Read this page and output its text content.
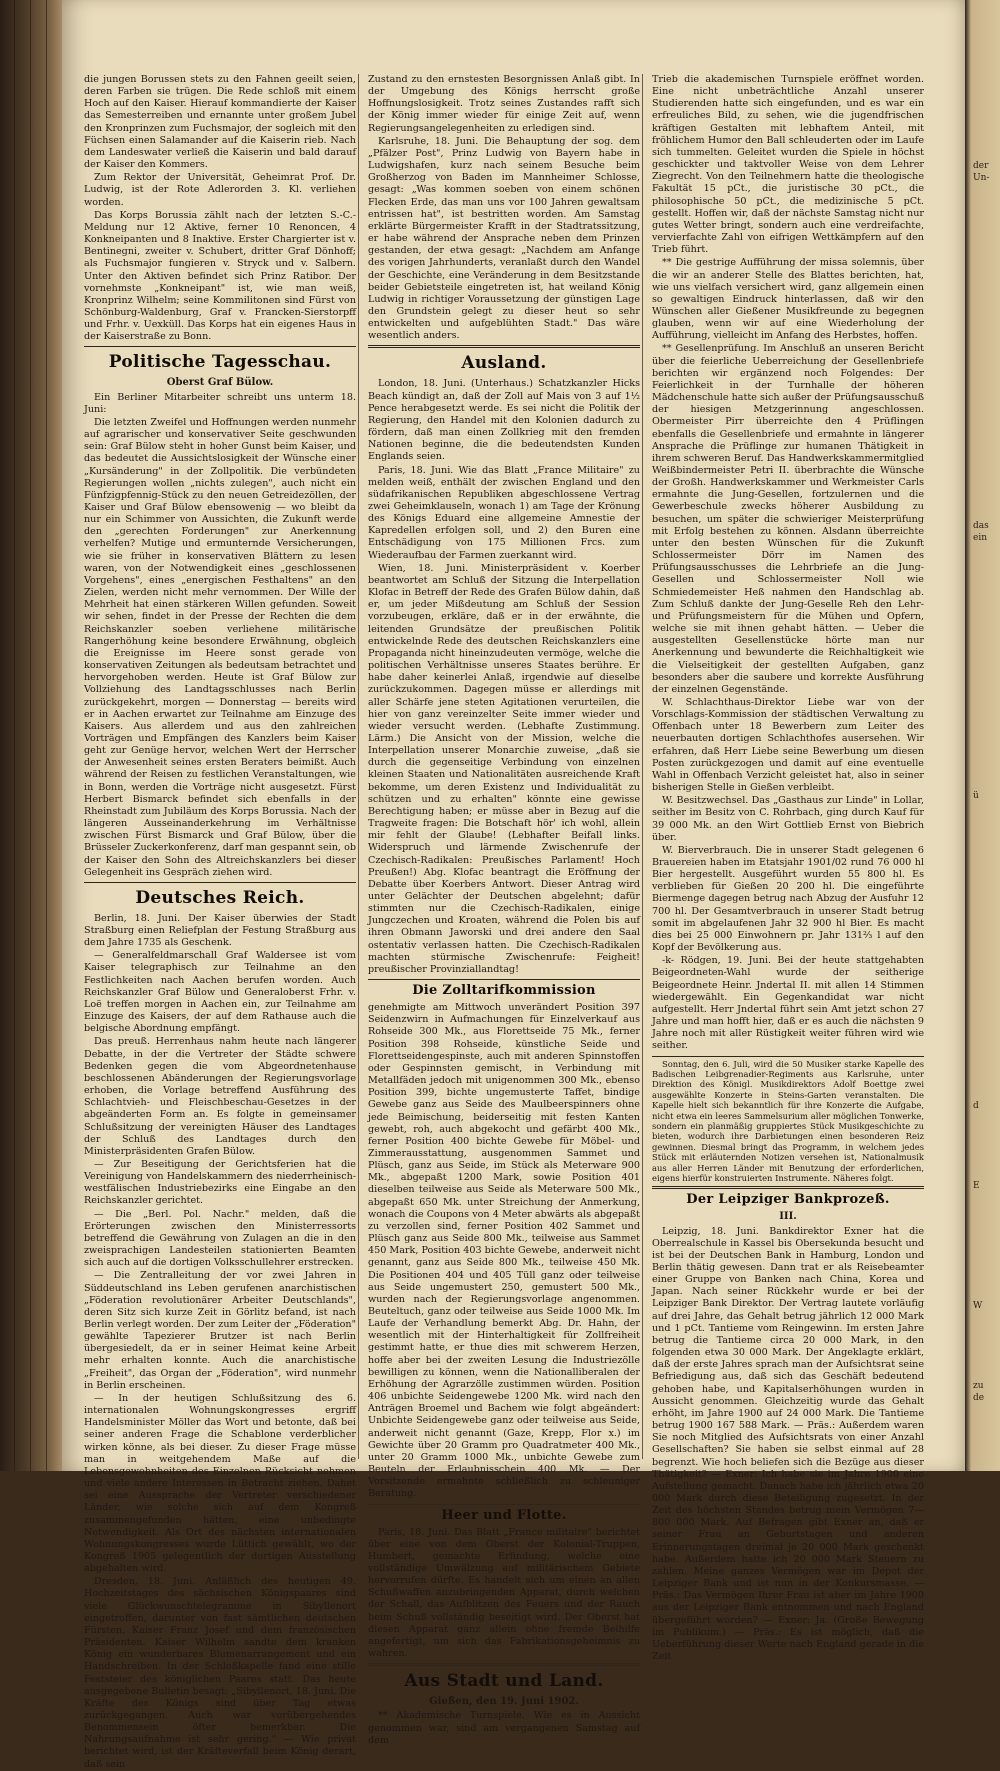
die jungen Borussen stets zu den Fahnen geeilt seien, deren Farben sie trügen. Die Rede schloß mit einem Hoch auf den Kaiser. Hierauf kommandierte der Kaiser das Semesterreiben und ernannte unter großem Jubel den Kronprinzen zum Fuchsmajor, der sogleich mit den Füchsen einen Salamander auf die Kaiserin rieb. Nach dem Landeswater verließ die Kaiserin und bald darauf der Kaiser den Kommers.

Zum Rektor der Universität, Geheimrat Prof. Dr. Ludwig, ist der Rote Adlerorden 3. Kl. verliehen worden.

Das Korps Borussia zählt nach der letzten S.-C.-Meldung nur 12 Aktive, ferner 10 Renoncen, 4 Konkneipanten und 8 Inaktive. Erster Chargierter ist v. Bentinegni, zweiter v. Schubert, dritter Graf Dönhoff; als Fuchsmajor fungieren v. Stryck und v. Salbern. Unter den Aktiven befindet sich Prinz Ratibor. Der vornehmste „Konkneipant" ist, wie man weiß, Kronprinz Wilhelm; seine Kommilitonen sind Fürst von Schönburg-Waldenburg, Graf v. Francken-Sierstorpff und Frhr. v. Uexküll. Das Korps hat ein eigenes Haus in der Kaiserstraße zu Bonn.

Politische Tagesschau.
Oberst Graf Bülow.

Ein Berliner Mitarbeiter schreibt uns unterm 18. Juni:

Die letzten Zweifel und Hoffnungen werden nunmehr auf agrarischer und konservativer Seite geschwunden sein: Graf Bülow steht in hoher Gunst beim Kaiser, und das bedeutet die Aussichtslosigkeit der Wünsche einer „Kursänderung" in der Zollpolitik. Die verbündeten Regierungen wollen „nichts zulegen", auch nicht ein Fünfzigpfennig-Stück zu den neuen Getreidezöllen, der Kaiser und Graf Bülow ebensowenig — wo bleibt da nur ein Schimmer von Aussichten, die Zukunft werde den „gerechten Forderungen" zur Anerkennung verhelfen? Mutige und ermunternde Versicherungen, wie sie früher in konservativen Blättern zu lesen waren, von der Notwendigkeit eines „geschlossenen Vorgehens", eines „energischen Festhaltens" an den Zielen, werden nicht mehr vernommen. Der Wille der Mehrheit hat einen stärkeren Willen gefunden. Soweit wir sehen, findet in der Presse der Rechten die dem Reichskanzler soeben verliehene militärische Rangerhöhung keine besondere Erwähnung, obgleich die Ereignisse im Heere sonst gerade von konservativen Zeitungen als bedeutsam betrachtet und hervorgehoben werden. Heute ist Graf Bülow zur Vollziehung des Landtagsschlusses nach Berlin zurückgekehrt, morgen — Donnerstag — bereits wird er in Aachen erwartet zur Teilnahme am Einzuge des Kaisers. Aus allerdem und aus den zahlreichen Vorträgen und Empfängen des Kanzlers beim Kaiser geht zur Genüge hervor, welchen Wert der Herrscher der Anwesenheit seines ersten Beraters beimißt. Auch während der Reisen zu festlichen Veranstaltungen, wie in Bonn, werden die Vorträge nicht ausgesetzt. Fürst Herbert Bismarck befindet sich ebenfalls in der Rheinstadt zum Jubiläum des Korps Borussia. Nach der längeren Ausseinanderkehrung im Verhältnisse zwischen Fürst Bismarck und Graf Bülow, über die Brüsseler Zuckerkonferenz, darf man gespannt sein, ob der Kaiser den Sohn des Altreichskanzlers bei dieser Gelegenheit ins Gespräch ziehen wird.

Deutsches Reich.

Berlin, 18. Juni. Der Kaiser überwies der Stadt Straßburg einen Reliefplan der Festung Straßburg aus dem Jahre 1735 als Geschenk.

— Generalfeldmarschall Graf Waldersee ist vom Kaiser telegraphisch zur Teilnahme an den Festlichkeiten nach Aachen berufen worden. Auch Reichskanzler Graf Bülow und Generaloberst Frhr. v. Loë treffen morgen in Aachen ein, zur Teilnahme am Einzuge des Kaisers, der auf dem Rathause auch die belgische Abordnung empfängt.

Das preuß. Herrenhaus nahm heute nach längerer Debatte, in der die Vertreter der Städte schwere Bedenken gegen die vom Abgeordnetenhause beschlossenen Abänderungen der Regierungsvorlage erhoben, die Vorlage betreffend Ausführung des Schlachtvieh- und Fleischbeschau-Gesetzes in der abgeänderten Form an. Es folgte in gemeinsamer Schlußsitzung der vereinigten Häuser des Landtages der Schluß des Landtages durch den Ministerpräsidenten Grafen Bülow.

— Zur Beseitigung der Gerichtsferien hat die Vereinigung von Handelskammern des niederrheinisch-westfälischen Industriebezirks eine Eingabe an den Reichskanzler gerichtet.

— Die „Berl. Pol. Nachr." melden, daß die Erörterungen zwischen den Ministerressorts betreffend die Gewährung von Zulagen an die in den zweisprachigen Landesteilen stationierten Beamten sich auch auf die dortigen Volksschullehrer erstrecken.

— Die Zentralleitung der vor zwei Jahren in Süddeutschland ins Leben gerufenen anarchistischen „Föderation revolutionärer Arbeiter Deutschlands", deren Sitz sich kurze Zeit in Görlitz befand, ist nach Berlin verlegt worden. Der zum Leiter der „Föderation" gewählte Tapezierer Brutzer ist nach Berlin übergesiedelt, da er in seiner Heimat keine Arbeit mehr erhalten konnte. Auch die anarchistische „Freiheit", das Organ der „Föderation", wird nunmehr in Berlin erscheinen.

— In der heutigen Schlußsitzung des 6. internationalen Wohnungskongresses ergriff Handelsminister Möller das Wort und betonte, daß bei seiner anderen Frage die Schablone verderblicher wirken könne, als bei dieser. Zu dieser Frage müsse man in weitgehendem Maße auf die Lebensgewohnheiten des Einzelnen Rücksicht nehmen und viele andere Interessen in Betracht ziehen. Dahet sei eine Aussprache der Vertreter verschiedener Länder, wie solche sich auf dem Kongreß zusammengefunden hätten, eine unbedingte Notwendigkeit. Als Ort des nächsten internationalen Wohnungskongresses wurde Lüttich gewählt, wo der Kongreß 1905 gelegentlich der dortigen Ausstellung abgehalten wird.

Dresden, 18. Juni. Anläßlich des heutigen 49. Hochzeitstages des sächsischen Königspaares sind viele Glückwunschtelegramme in Sibyllenort eingetroffen, darunter von fast sämtlichen deutschen Fürsten, Kaiser Franz Josef und dem französischen Präsidenten. Kaiser Wilhelm sandte dem kranken König ein wunderbares Blumenarrangement und ein Handschreiben. In der Schloßkapelle fand eine stille Feststeier des königlichen Paares statt. Das heute ausgegebene Bulletin besagt: „Sibyllenort, 18. Juni. Die Kräfte des Königs sind über Tag etwas zurückgegangen. Auch war vorübergehendes Benommensein öfter bemerkbar. Die Nahrungsaufnahme ist sehr gering." — Wie privat berichtet wird, ist der Kräfteverfall beim König derart, daß sein

Zustand zu den ernstesten Besorgnissen Anlaß gibt. In der Umgebung des Königs herrscht große Hoffnungslosigkeit. Trotz seines Zustandes rafft sich der König immer wieder für einige Zeit auf, wenn Regierungsangelegenheiten zu erledigen sind.

Karlsruhe, 18. Juni. Die Behauptung der sog. dem „Pfälzer Post", Prinz Ludwig von Bayern habe in Ludwigshafen, kurz nach seinem Besuche beim Großherzog von Baden im Mannheimer Schlosse, gesagt: „Was kommen soeben von einem schönen Flecken Erde, das man uns vor 100 Jahren gewaltsam entrissen hat", ist bestritten worden. Am Samstag erklärte Bürgermeister Krafft in der Stadtratssitzung, er habe während der Ansprache neben dem Prinzen gestanden, der etwa gesagt: „Nachdem am Anfange des vorigen Jahrhunderts, veranlaßt durch den Wandel der Geschichte, eine Veränderung in dem Besitzstande beider Gebietsteile eingetreten ist, hat weiland König Ludwig in richtiger Voraussetzung der günstigen Lage den Grundstein gelegt zu dieser heut so sehr entwickelten und aufgeblühten Stadt." Das wäre wesentlich anders.

Ausland.

London, 18. Juni. (Unterhaus.) Schatzkanzler Hicks Beach kündigt an, daß der Zoll auf Mais von 3 auf 1½ Pence herabgesetzt werde. Es sei nicht die Politik der Regierung, den Handel mit den Kolonien dadurch zu fördern, daß man einen Zollkrieg mit den fremden Nationen beginne, die die bedeutendsten Kunden Englands seien.

Paris, 18. Juni. Wie das Blatt „France Militaire" zu melden weiß, enthält der zwischen England und den südafrikanischen Republiken abgeschlossene Vertrag zwei Geheimklauseln, wonach 1) am Tage der Krönung des Königs Eduard eine allgemeine Amnestie der Kapredellen erfolgen soll, und 2) den Buren eine Entschädigung von 175 Millionen Frcs. zum Wiederaufbau der Farmen zuerkannt wird.

Wien, 18. Juni. Ministerpräsident v. Koerber beantwortet am Schluß der Sitzung die Interpellation Klofac in Betreff der Rede des Grafen Bülow dahin, daß er, um jeder Mißdeutung am Schluß der Session vorzubeugen, erkläre, daß er in der erwähnte, die leitenden Grundsätze der preußischen Politik entwickelnde Rede des deutschen Reichskanzlers eine Propaganda nicht hineinzudeuten vermöge, welche die politischen Verhältnisse unseres Staates berühre. Er habe daher keinerlei Anlaß, irgendwie auf dieselbe zurückzukommen. Dagegen müsse er allerdings mit aller Schärfe jene steten Agitationen verurteilen, die hier von ganz vereinzelter Seite immer wieder und wieder versucht werden. (Lebhafte Zustimmung. Lärm.) Die Ansicht von der Mission, welche die Interpellation unserer Monarchie zuweise, „daß sie durch die gegenseitige Verbindung von einzelnen kleinen Staaten und Nationalitäten ausreichende Kraft bekomme, um deren Existenz und Individualität zu schützen und zu erhalten" könnte eine gewisse Berechtigung haben; er müsse aber in Bezug auf die Tragweite fragen: Die Botschaft hör' ich wohl, allein mir fehlt der Glaube! (Lebhafter Beifall links. Widerspruch und lärmende Zwischenrufe der Czechisch-Radikalen: Preußisches Parlament! Hoch Preußen!) Abg. Klofac beantragt die Eröffnung der Debatte über Koerbers Antwort. Dieser Antrag wird unter Gelächter der Deutschen abgelehnt; dafür stimmten nur die Czechisch-Radikalen, einige Jungczechen und Kroaten, während die Polen bis auf ihren Obmann Jaworski und drei andere den Saal ostentativ verlassen hatten. Die Czechisch-Radikalen machten stürmische Zwischenrufe: Feigheit! preußischer Provinziallandtag!

Die Zolltarifkommission

genehmigte am Mittwoch unverändert Position 397 Seidenzwirn in Aufmachungen für Einzelverkauf aus Rohseide 300 Mk., aus Florettseide 75 Mk., ferner Position 398 Rohseide, künstliche Seide und Florettseidengespinste, auch mit anderen Spinnstoffen oder Gespinnsten gemischt, in Verbindung mit Metallfäden jedoch mit unigenommen 300 Mk., ebenso Position 399, bichte ungemusterte Taffet, bindige Gewebe ganz aus Seide des Maulbeerspinners ohne jede Beimischung, beiderseitig mit festen Kanten gewebt, roh, auch abgekocht und gefärbt 400 Mk., ferner Position 400 bichte Gewebe für Möbel- und Zimmerausstattung, ausgenommen Sammet und Plüsch, ganz aus Seide, im Stück als Meterware 900 Mk., abgepaßt 1200 Mark, sowie Position 401 dieselben teilweise aus Seide als Meterware 500 Mk., abgepaßt 650 Mk. unter Streichung der Anmerkung, wonach die Coupons von 4 Meter abwärts als abgepaßt zu verzollen sind, ferner Position 402 Sammet und Plüsch ganz aus Seide 800 Mk., teilweise aus Sammet 450 Mark, Position 403 bichte Gewebe, anderweit nicht genannt, ganz aus Seide 800 Mk., teilweise 450 Mk. Die Positionen 404 und 405 Tüll ganz oder teilweise aus Seide ungemustert 250, gemustert 500 Mk., wurden nach der Regierungsvorlage angenommen. Beuteltuch, ganz oder teilweise aus Seide 1000 Mk. Im Laufe der Verhandlung bemerkt Abg. Dr. Hahn, der wesentlich mit der Hinterhaltigkeit für Zollfreiheit gestimmt hatte, er thue dies mit schwerem Herzen, hoffe aber bei der zweiten Lesung die Industriezölle bewilligen zu können, wenn die Nationalliberalen der Erhöhung der Agrarzölle zustimmen würden. Position 406 unbichte Seidengewebe 1200 Mk. wird nach den Anträgen Broemel und Bachem wie folgt abgeändert: Unbichte Seidengewebe ganz oder teilweise aus Seide, anderweit nicht genannt (Gaze, Krepp, Flor x.) im Gewichte über 20 Gramm pro Quadratmeter 400 Mk., unter 20 Gramm 1000 Mk., unbichte Gewebe zum Beuteln der Erlaubnisschein 400 Mk. — Der Vorsitzende ermahnte schließlich zu schleuniger Beratung.

Heer und Flotte.

Paris, 18. Juni. Das Blatt „France militaire" berichtet über eine von dem Oberst der Kolonial-Truppen, Humbert, gemachte Erfindung, welche eine vollständige Umwälzung auf militärischem Gebiete hervorrufen dürfte. Es handelt sich um einen an allen Schußwaffen anzubringenden Apparat, durch welchen der Schall, das Aufblitzen des Feuers und der Rauch beim Schuß vollständig beseitigt wird. Der Oberst hat diesen Apparat ganz allein ohne fremde Beihilfe angefertigt, um sich das Fabrikationsgeheimnis zu wahren.

Aus Stadt und Land.
Gießen, den 19. Juni 1902.

** Akademische Turnspiele. Wie es in Aussicht genommen war, sind am vergangenen Samstag auf dem

Trieb die akademischen Turnspiele eröffnet worden. Eine nicht unbeträchtliche Anzahl unserer Studierenden hatte sich eingefunden, und es war ein erfreuliches Bild, zu sehen, wie die jugendfrischen kräftigen Gestalten mit lebhaftem Anteil, mit fröhlichem Humor den Ball schleuderten oder im Laufe sich tummelten. Geleitet wurden die Spiele in höchst geschickter und taktvoller Weise von dem Lehrer Ziegrecht. Von den Teilnehmern hatte die theologische Fakultät 15 pCt., die juristische 30 pCt., die philosophische 50 pCt., die medizinische 5 pCt. gestellt. Hoffen wir, daß der nächste Samstag nicht nur gutes Wetter bringt, sondern auch eine verdreifachte, vervierfachte Zahl von eifrigen Wettkämpfern auf den Trieb führt.

** Die gestrige Aufführung der missa solemnis, über die wir an anderer Stelle des Blattes berichten, hat, wie uns vielfach versichert wird, ganz allgemein einen so gewaltigen Eindruck hinterlassen, daß wir den Wünschen aller Gießener Musikfreunde zu begegnen glauben, wenn wir auf eine Wiederholung der Aufführung, vielleicht im Anfang des Herbstes, hoffen.

** Gesellenprüfung. Im Anschluß an unseren Bericht über die feierliche Ueberreichung der Gesellenbriefe berichten wir ergänzend noch Folgendes: Der Feierlichkeit in der Turnhalle der höheren Mädchenschule hatte sich außer der Prüfungsausschuß der hiesigen Metzgerinnung angeschlossen. Obermeister Pirr überreichte den 4 Prüflingen ebenfalls die Gesellenbriefe und ermahnte in längerer Ansprache die Prüflinge zur humanen Thätigkeit in ihrem schweren Beruf. Das Handwerkskammermitglied Weißbindermeister Petri II. überbrachte die Wünsche der Großh. Handwerkskammer und Werkmeister Carls ermahnte die Jung-Gesellen, fortzulernen und die Gewerbeschule zwecks höherer Ausbildung zu besuchen, um später die schwieriger Meisterprüfung mit Erfolg bestehen zu können. Alsdann überreichte unter den besten Wünschen für die Zukunft Schlossermeister Dörr im Namen des Prüfungsausschusses die Lehrbriefe an die Jung-Gesellen und Schlossermeister Noll wie Schmiedemeister Heß nahmen den Handschlag ab. Zum Schluß dankte der Jung-Geselle Reh den Lehr- und Prüfungsmeistern für die Mühen und Opfern, welche sie mit ihnen gehabt hätten. — Ueber die ausgestellten Gesellenstücke hörte man nur Anerkennung und bewunderte die Reichhaltigkeit wie die Vielseitigkeit der gestellten Aufgaben, ganz besonders aber die saubere und korrekte Ausführung der einzelnen Gegenstände.

W. Schlachthaus-Direktor Liebe war von der Vorschlags-Kommission der städtischen Verwaltung zu Offenbach unter 18 Bewerbern zum Leiter des neuerbauten dortigen Schlachthofes ausersehen. Wir erfahren, daß Herr Liebe seine Bewerbung um diesen Posten zurückgezogen und damit auf eine eventuelle Wahl in Offenbach Verzicht geleistet hat, also in seiner bisherigen Stelle in Gießen verbleibt.

W. Besitzwechsel. Das „Gasthaus zur Linde" in Lollar, seither im Besitz von C. Rohrbach, ging durch Kauf für 39 000 Mk. an den Wirt Gottlieb Ernst von Biebrich über.

W. Bierverbrauch. Die in unserer Stadt gelegenen 6 Brauereien haben im Etatsjahr 1901/02 rund 76 000 hl Bier hergestellt. Ausgeführt wurden 55 800 hl. Es verblieben für Gießen 20 200 hl. Die eingeführte Biermenge dagegen betrug nach Abzug der Ausfuhr 12 700 hl. Der Gesamtverbrauch in unserer Stadt betrug somit im abgelaufenen Jahr 32 900 hl Bier. Es macht dies bei 25 000 Einwohnern pr. Jahr 131⅔ l auf den Kopf der Bevölkerung aus.

-k- Rödgen, 19. Juni. Bei der heute stattgehabten Beigeordneten-Wahl wurde der seitherige Beigeordnete Heinr. Jndertal II. mit allen 14 Stimmen wiedergewählt. Ein Gegenkandidat war nicht aufgestellt. Herr Jndertal führt sein Amt jetzt schon 27 Jahre und man hofft hier, daß er es auch die nächsten 9 Jahre noch mit aller Rüstigkeit weiter führen wird wie seither.

Sonntag, den 6. Juli, wird die 50 Musiker starke Kapelle des Badischen Leibgrenadier-Regiments aus Karlsruhe, unter Direktion des Königl. Musikdirektors Adolf Boettge zwei ausgewählte Konzerte in Steins-Garten veranstalten. Die Kapelle hielt sich bekanntlich für ihre Konzerte die Aufgabe, nicht etwa ein leeres Sammelsurium aller möglichen Tonwerke, sondern ein planmäßig gruppiertes Stück Musikgeschichte zu bieten, wodurch ihre Darbietungen einen besonderen Reiz gewinnen. Diesmal bringt das Programm, in welchem jedes Stück mit erläuternden Notizen versehen ist, Nationalmusik aus aller Herren Länder mit Benutzung der erforderlichen, eigens hierfür konstruierten Instrumente. Näheres folgt.

Der Leipziger Bankprozeß.
III.

Leipzig, 18. Juni. Bankdirektor Exner hat die Oberrealschule in Kassel bis Obersekunda besucht und ist bei der Deutschen Bank in Hamburg, London und Berlin thätig gewesen. Dann trat er als Reisebeamter einer Gruppe von Banken nach China, Korea und Japan. Nach seiner Rückkehr wurde er bei der Leipziger Bank Direktor. Der Vertrag lautete vorläufig auf drei Jahre, das Gehalt betrug jährlich 12 000 Mark und 1 pCt. Tantieme vom Reingewinn. Im ersten Jahre betrug die Tantieme circa 20 000 Mark, in den folgenden etwa 30 000 Mark. Der Angeklagte erklärt, daß der erste Jahres sprach man der Aufsichtsrat seine Befriedigung aus, daß sich das Geschäft bedeutend gehoben habe, und Kapitalserhöhungen wurden in Aussicht genommen. Gleichzeitig wurde das Gehalt erhöht, im Jahre 1900 auf 24 000 Mark. Die Tantieme betrug 1900 167 588 Mark. — Präs.: Außerdem waren Sie noch Mitglied des Aufsichtsrats von einer Anzahl Gesellschaften? Sie haben sie selbst einmal auf 28 begrenzt. Wie hoch beliefen sich die Bezüge aus dieser Thätigkeit? — Exner: Ich habe sie im Jahre 1900 eine Aufstellung gemacht. Danach habe ich jährlich etwa 20 000 Mark durch diese Beteiligung zugesetzt. In der Zeit des höchsten Standes betrug mein Vermögen 7—800 000 Mark. Auf Befragen gibt Exner an, daß er seiner Frau an Geburtstagen und anderen Erinnerungstagen dreimal je 20 000 Mark geschenkt habe. Außerdem hatte ich 20 000 Mark Steuern zu zahlen. Meine ganzes Vermögen war im Depot der Leipziger Bank und ist nun in der Konkursmasse. — Präs.: Das Vermögen Ihrer Frau ist aber im Jahre 1900 aus der Leipziger Bank entnommen und nach England übergeführt worden? — Exner: Ja. (Große Bewegung im Publikum.) — Präs.: Es ist möglich, daß die Ueberführung dieser Werte nach England gerade in die Zeit

der
Un-
das
ein
ü
d
E
W
zu
de
